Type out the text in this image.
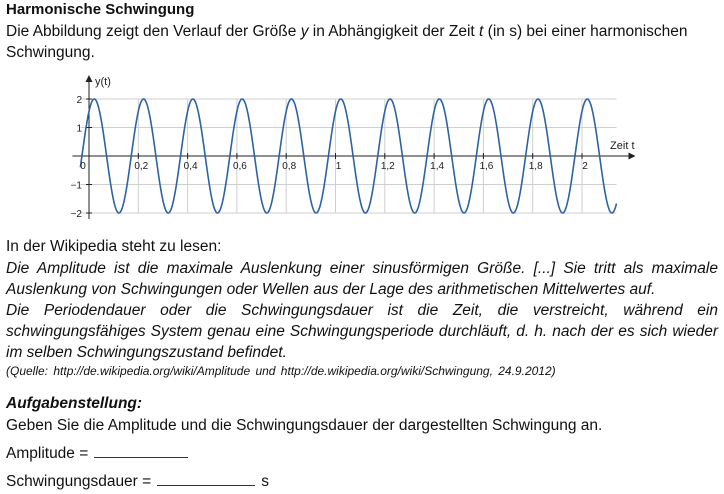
Harmonische Schwingung
Die Abbildung zeigt den Verlauf der Größe y in Abhängigkeit der Zeit t (in s) bei einer harmonischen Schwingung.
0,2	0,4	0,6	0,8	1	1,2	1,4	1,6	1,8	2
2
1
−1
−2
0
y(t)
Zeit t
In der Wikipedia steht zu lesen:
Die Amplitude ist die maximale Auslenkung einer sinusförmigen Größe. [...] Sie tritt als maximale Auslenkung von Schwingungen oder Wellen aus der Lage des arithmetischen Mittelwertes auf.
Die Periodendauer oder die Schwingungsdauer ist die Zeit, die verstreicht, während ein schwingungsfähiges System genau eine Schwingungsperiode durchläuft, d. h. nach der es sich wieder im selben Schwingungszustand befindet.
(Quelle: http://de.wikipedia.org/wiki/Amplitude und http://de.wikipedia.org/wiki/Schwingung, 24.9.2012)
Aufgabenstellung:
Geben Sie die Amplitude und die Schwingungsdauer der dargestellten Schwingung an.
Amplitude =
Schwingungsdauer =	s
